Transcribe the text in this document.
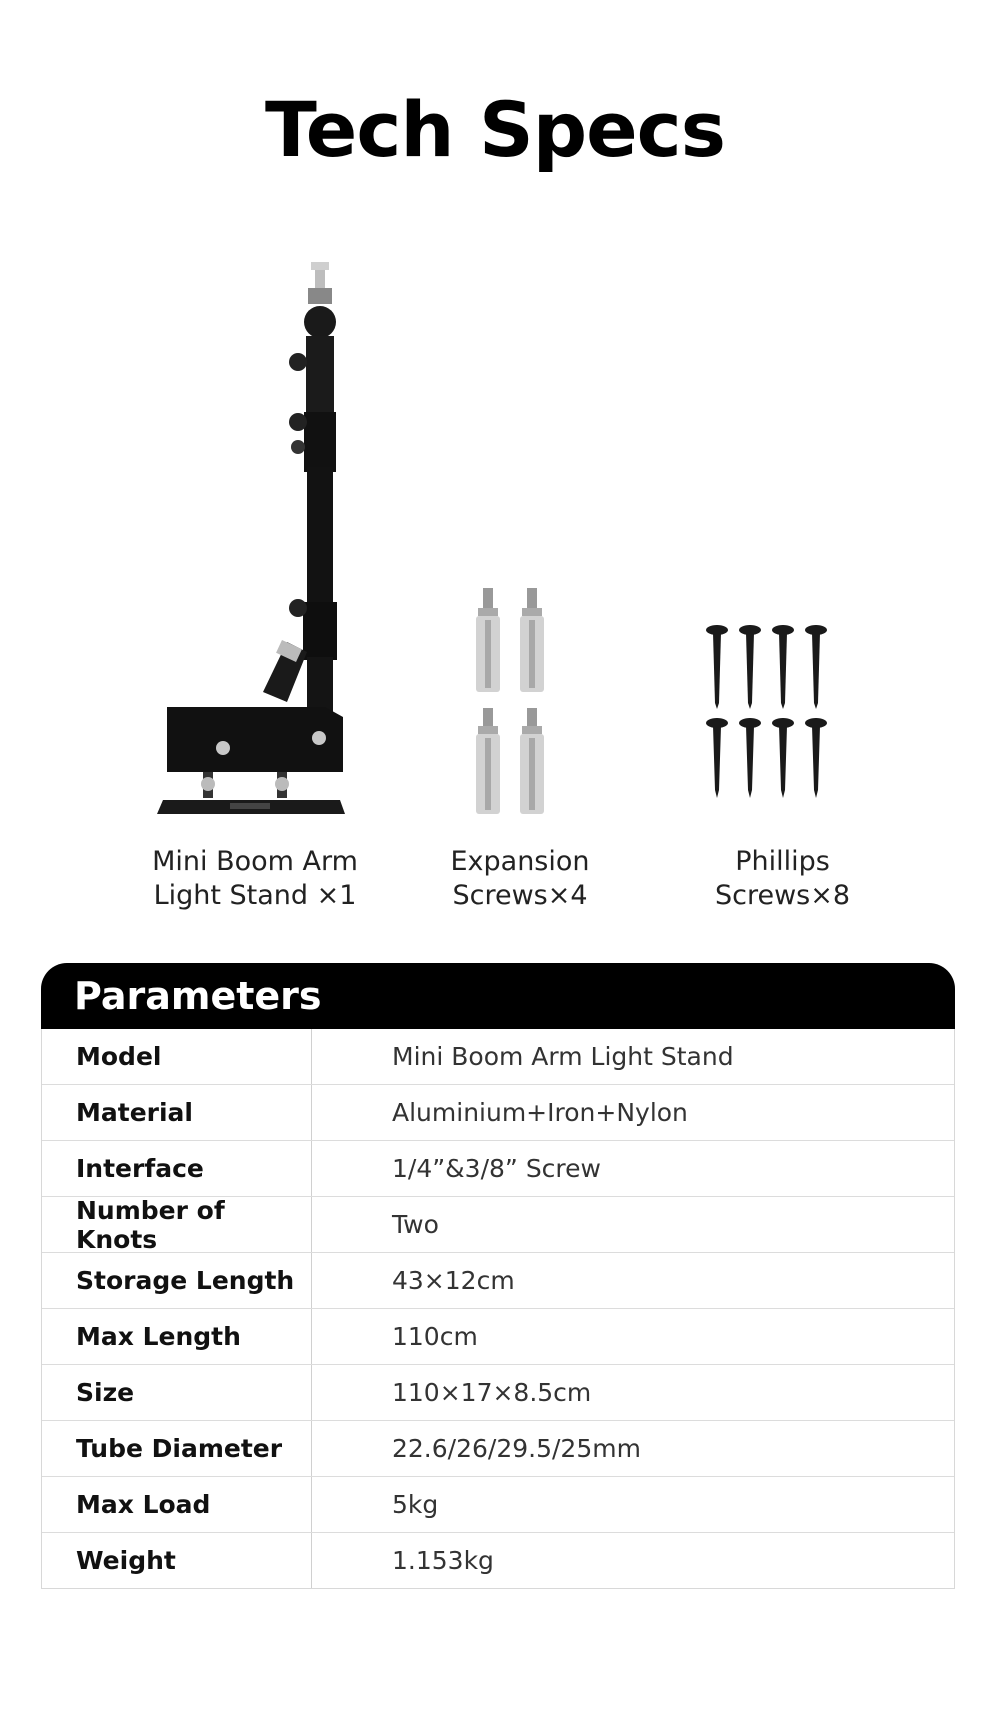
Tech Specs
Mini Boom Arm
Light Stand ×1
Expansion Screws×4
Phillips Screws×8
Parameters
Model	Mini Boom Arm Light Stand
Material	Aluminium+Iron+Nylon
Interface	1/4”&3/8” Screw
Number of Knots	Two
Storage Length	43×12cm
Max Length	110cm
Size	110×17×8.5cm
Tube Diameter	22.6/26/29.5/25mm
Max Load	5kg
Weight	1.153kg
